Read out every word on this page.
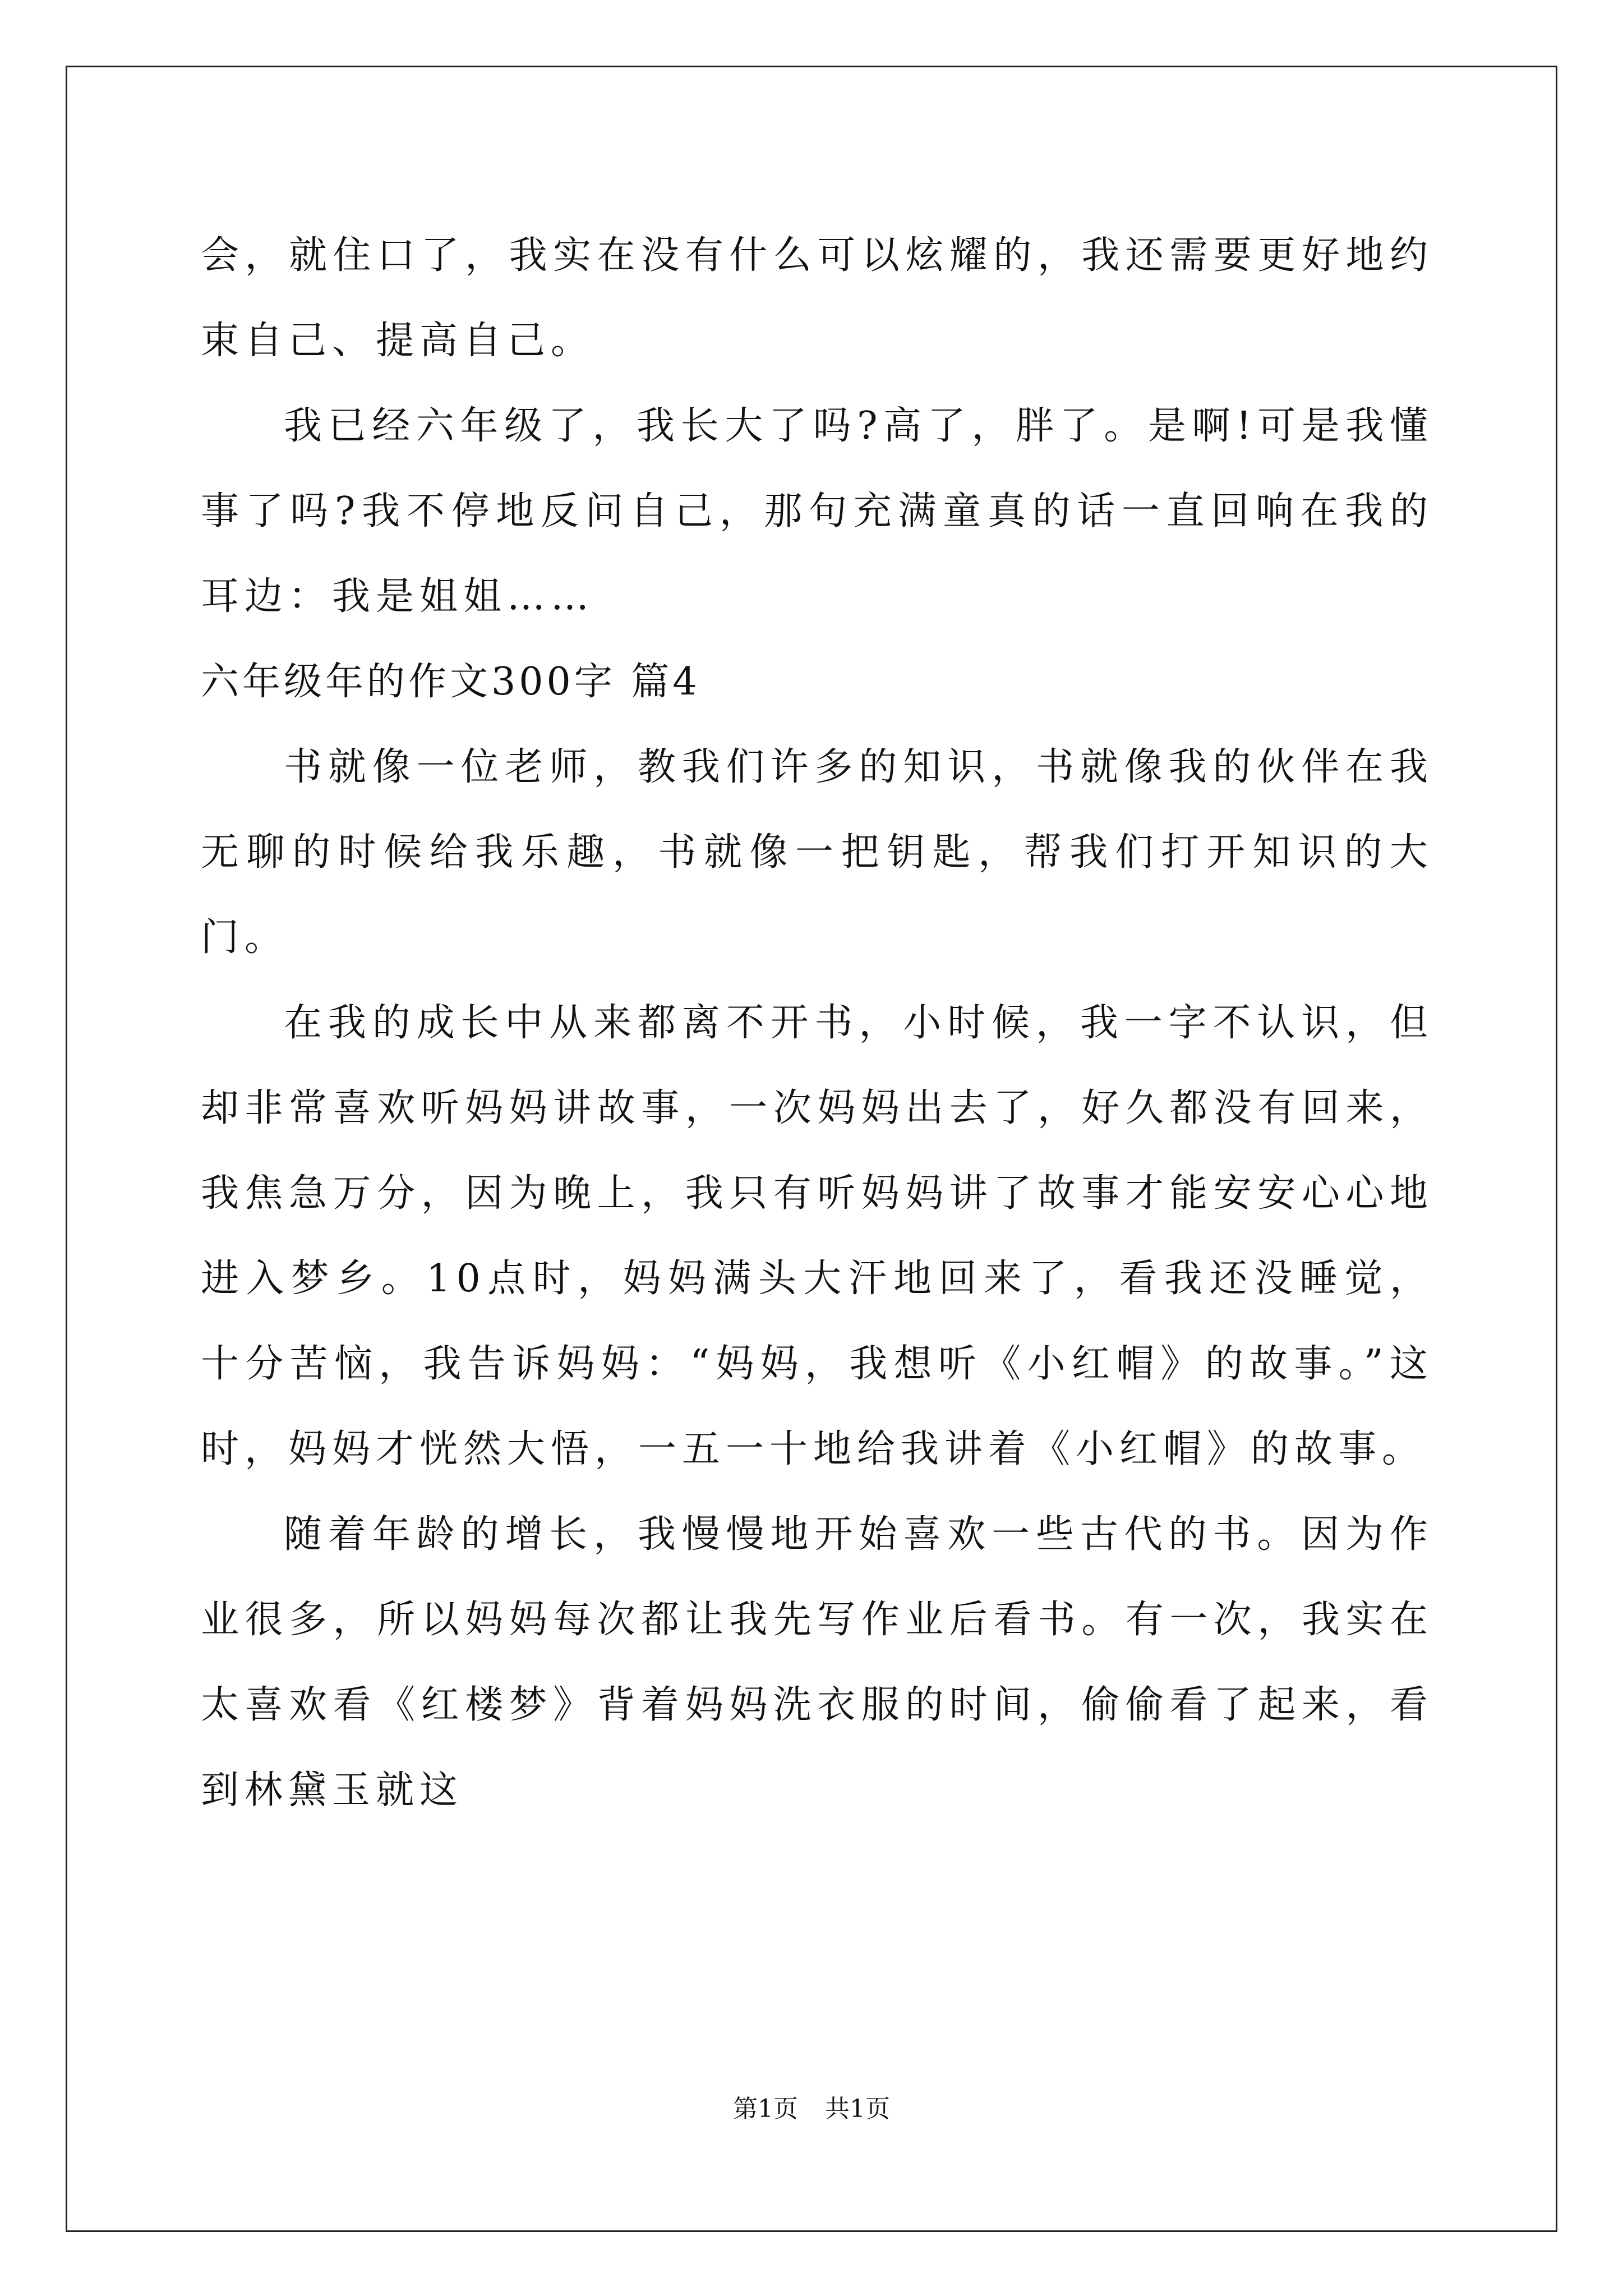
会，就住口了，我实在没有什么可以炫耀的，我还需要更好地约束自己、提高自己。

我已经六年级了，我长大了吗?高了，胖了。是啊!可是我懂事了吗?我不停地反问自己，那句充满童真的话一直回响在我的耳边：我是姐姐……

六年级年的作文300字 篇4

书就像一位老师，教我们许多的知识，书就像我的伙伴在我无聊的时候给我乐趣，书就像一把钥匙，帮我们打开知识的大门。

在我的成长中从来都离不开书，小时候，我一字不认识，但却非常喜欢听妈妈讲故事，一次妈妈出去了，好久都没有回来，我焦急万分，因为晚上，我只有听妈妈讲了故事才能安安心心地进入梦乡。10点时，妈妈满头大汗地回来了，看我还没睡觉，十分苦恼，我告诉妈妈：“妈妈，我想听《小红帽》的故事。”这时，妈妈才恍然大悟，一五一十地给我讲着《小红帽》的故事。

随着年龄的增长，我慢慢地开始喜欢一些古代的书。因为作业很多，所以妈妈每次都让我先写作业后看书。有一次，我实在太喜欢看《红楼梦》背着妈妈洗衣服的时间，偷偷看了起来，看到林黛玉就这

第1页 共1页
